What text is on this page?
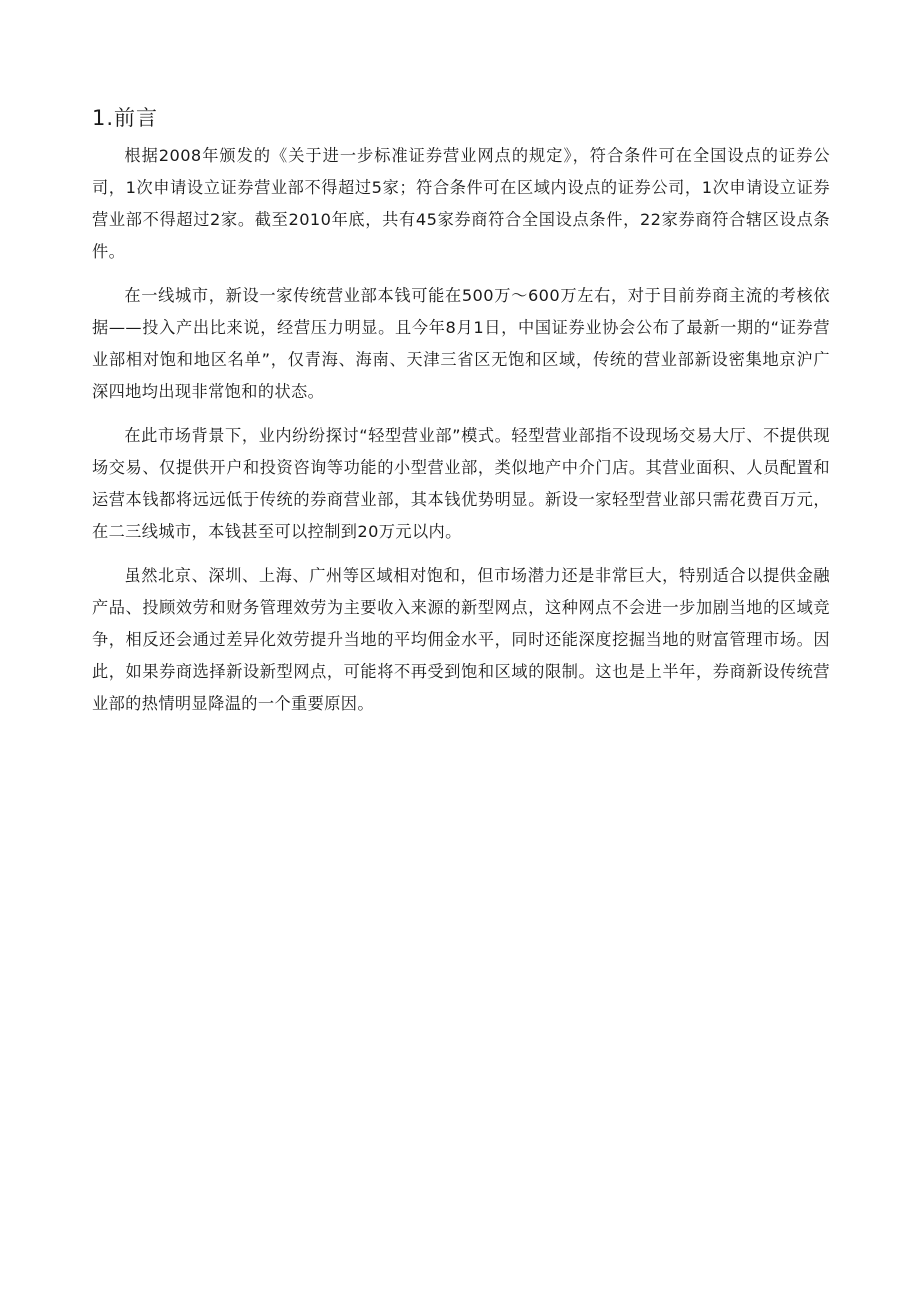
1.前言

根据2008年颁发的《关于进一步标准证券营业网点的规定》，符合条件可在全国设点的证券公司，1次申请设立证券营业部不得超过5家；符合条件可在区域内设点的证券公司，1次申请设立证券营业部不得超过2家。截至2010年底，共有45家券商符合全国设点条件，22家券商符合辖区设点条件。

在一线城市，新设一家传统营业部本钱可能在500万～600万左右，对于目前券商主流的考核依据——投入产出比来说，经营压力明显。且今年8月1日，中国证券业协会公布了最新一期的“证券营业部相对饱和地区名单”，仅青海、海南、天津三省区无饱和区域，传统的营业部新设密集地京沪广深四地均出现非常饱和的状态。

在此市场背景下，业内纷纷探讨“轻型营业部”模式。轻型营业部指不设现场交易大厅、不提供现场交易、仅提供开户和投资咨询等功能的小型营业部，类似地产中介门店。其营业面积、人员配置和运营本钱都将远远低于传统的券商营业部，其本钱优势明显。新设一家轻型营业部只需花费百万元，在二三线城市，本钱甚至可以控制到20万元以内。

虽然北京、深圳、上海、广州等区域相对饱和，但市场潜力还是非常巨大，特别适合以提供金融产品、投顾效劳和财务管理效劳为主要收入来源的新型网点，这种网点不会进一步加剧当地的区域竞争，相反还会通过差异化效劳提升当地的平均佣金水平，同时还能深度挖掘当地的财富管理市场。因此，如果券商选择新设新型网点，可能将不再受到饱和区域的限制。这也是上半年，券商新设传统营业部的热情明显降温的一个重要原因。
